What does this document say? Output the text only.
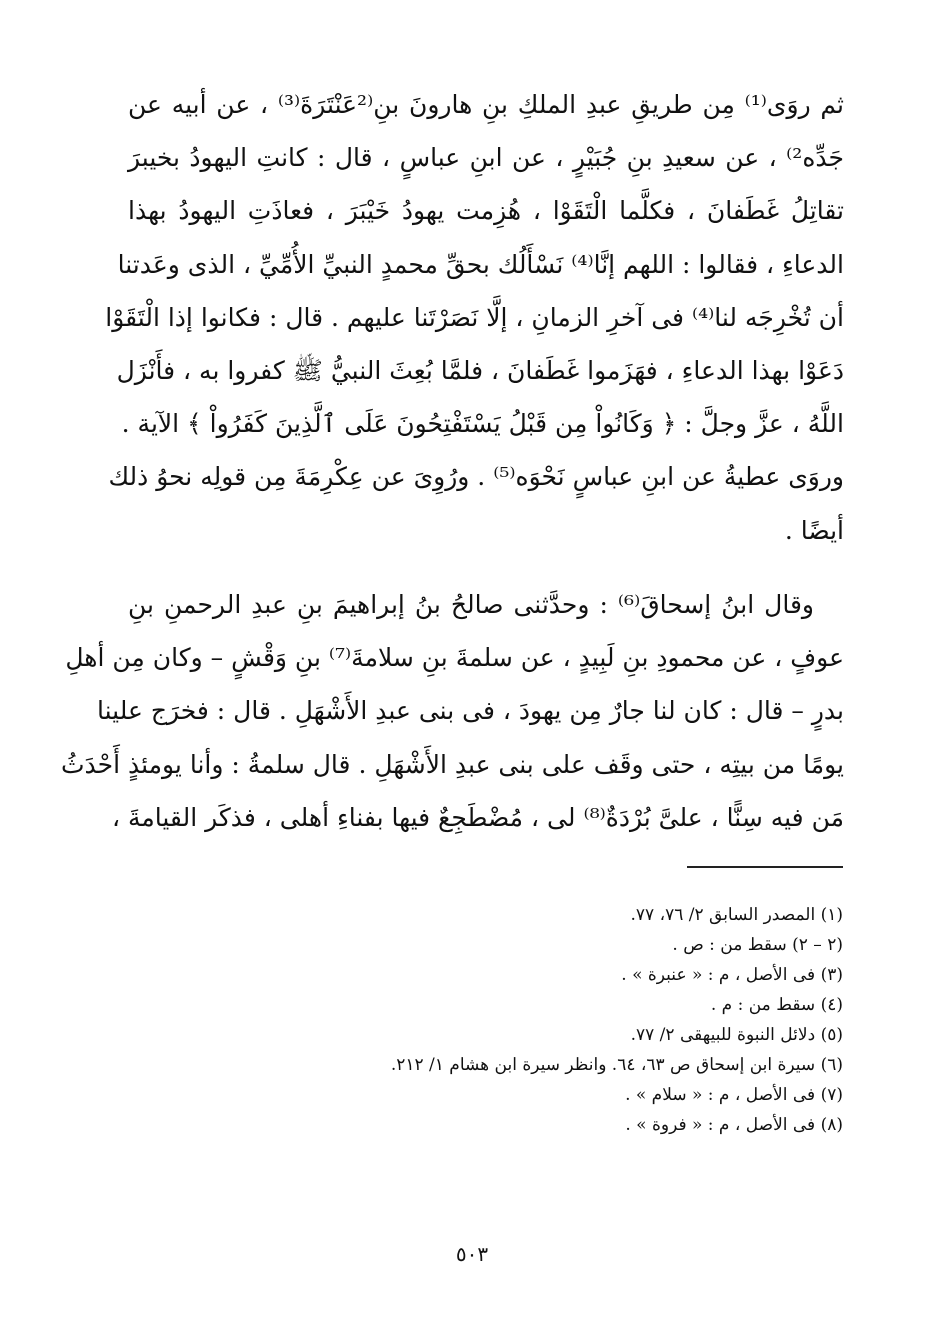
ثم روَى⁽¹⁾ مِن طريقِ عبدِ الملكِ بنِ هارونَ بنِ⁽²عَنْتَرَةَ⁽³⁾ ، عن أبيه عن
جَدِّه²⁾ ، عن سعيدِ بنِ جُبَيْرٍ ، عن ابنِ عباسٍ ، قال : كانتِ اليهودُ بخيبرَ
تقاتِلُ غَطَفانَ ، فكلَّما الْتَقَوْا ، هُزِمت يهودُ خَيْبَرَ ، فعاذَتِ اليهودُ بهذا
الدعاءِ ، فقالوا : اللهم إنَّا⁽⁴⁾ نَسْأَلُك بحقِّ محمدٍ النبيِّ الأُمِّيِّ ، الذى وعَدتنا
أن تُخْرِجَه لنا⁽⁴⁾ فى آخرِ الزمانِ ، إلَّا نَصَرْتَنا عليهم . قال : فكانوا إذا الْتَقَوْا
دَعَوْا بهذا الدعاءِ ، فهَزَموا غَطَفانَ ، فلمَّا بُعِثَ النبيُّ ﷺ كفروا به ، فأَنْزَل
اللَّهُ ، عزَّ وجلَّ : ﴿ وَكَانُواْ مِن قَبْلُ يَسْتَفْتِحُونَ عَلَى ٱلَّذِينَ كَفَرُواْ ﴾ الآية .
وروَى عطيةُ عن ابنِ عباسٍ نَحْوَه⁽⁵⁾ . ورُوِىَ عن عِكْرِمَةَ مِن قولِه نحوُ ذلك
أيضًا .
وقال ابنُ إسحاقَ⁽⁶⁾ : وحدَّثنى صالحُ بنُ إبراهيمَ بنِ عبدِ الرحمنِ بنِ
عوفٍ ، عن محمودِ بنِ لَبِيدٍ ، عن سلمةَ بنِ سلامةَ⁽⁷⁾ بنِ وَقْشٍ – وكان مِن أهلِ
بدرٍ – قال : كان لنا جارٌ مِن يهودَ ، فى بنى عبدِ الأَشْهَلِ . قال : فخرَج علينا
يومًا من بيتِه ، حتى وقَف على بنى عبدِ الأَشْهَلِ . قال سلمةُ : وأنا يومئذٍ أَحْدَثُ
مَن فيه سِنًّا ، علىَّ بُرْدَةٌ⁽⁸⁾ لى ، مُضْطَجِعٌ فيها بفناءِ أهلى ، فذكَر القيامةَ ،
(١) المصدر السابق ٢/ ٧٦، ٧٧.
(٢ – ٢) سقط من : ص .
(٣) فى الأصل ، م : « عنبرة » .
(٤) سقط من : م .
(٥) دلائل النبوة للبيهقى ٢/ ٧٧.
(٦) سيرة ابن إسحاق ص ٦٣، ٦٤. وانظر سيرة ابن هشام ١/ ٢١٢.
(٧) فى الأصل ، م : « سلام » .
(٨) فى الأصل ، م : « فروة » .
٥٠٣
